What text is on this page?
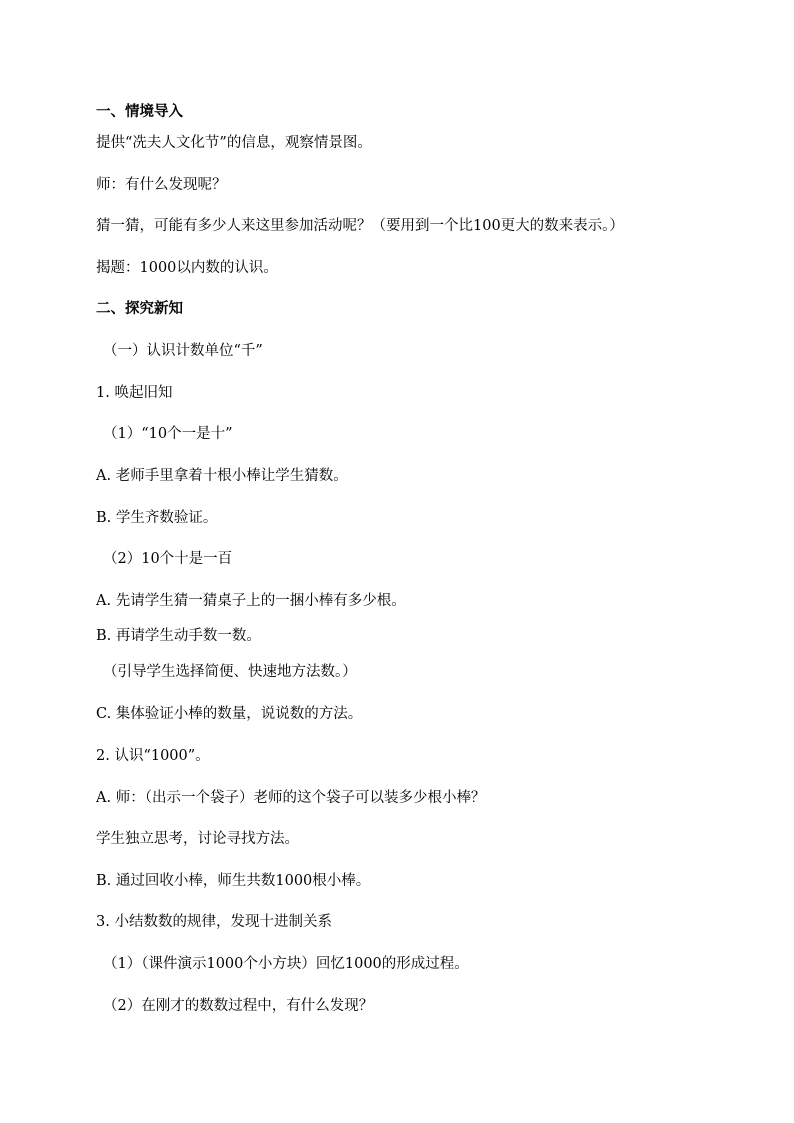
一、情境导入
提供“冼夫人文化节”的信息，观察情景图。
师：有什么发现呢？
猜一猜，可能有多少人来这里参加活动呢？（要用到一个比100更大的数来表示。）
揭题：1000以内数的认识。
二、探究新知
（一）认识计数单位“千”
1. 唤起旧知
（1）“10个一是十”
A. 老师手里拿着十根小棒让学生猜数。
B. 学生齐数验证。
（2）10个十是一百
A. 先请学生猜一猜桌子上的一捆小棒有多少根。
B. 再请学生动手数一数。
（引导学生选择简便、快速地方法数。）
C. 集体验证小棒的数量，说说数的方法。
2. 认识“1000”。
A. 师：（出示一个袋子）老师的这个袋子可以装多少根小棒？
学生独立思考，讨论寻找方法。
B. 通过回收小棒，师生共数1000根小棒。
3. 小结数数的规律，发现十进制关系
（1）（课件演示1000个小方块）回忆1000的形成过程。
（2）在刚才的数数过程中，有什么发现？
